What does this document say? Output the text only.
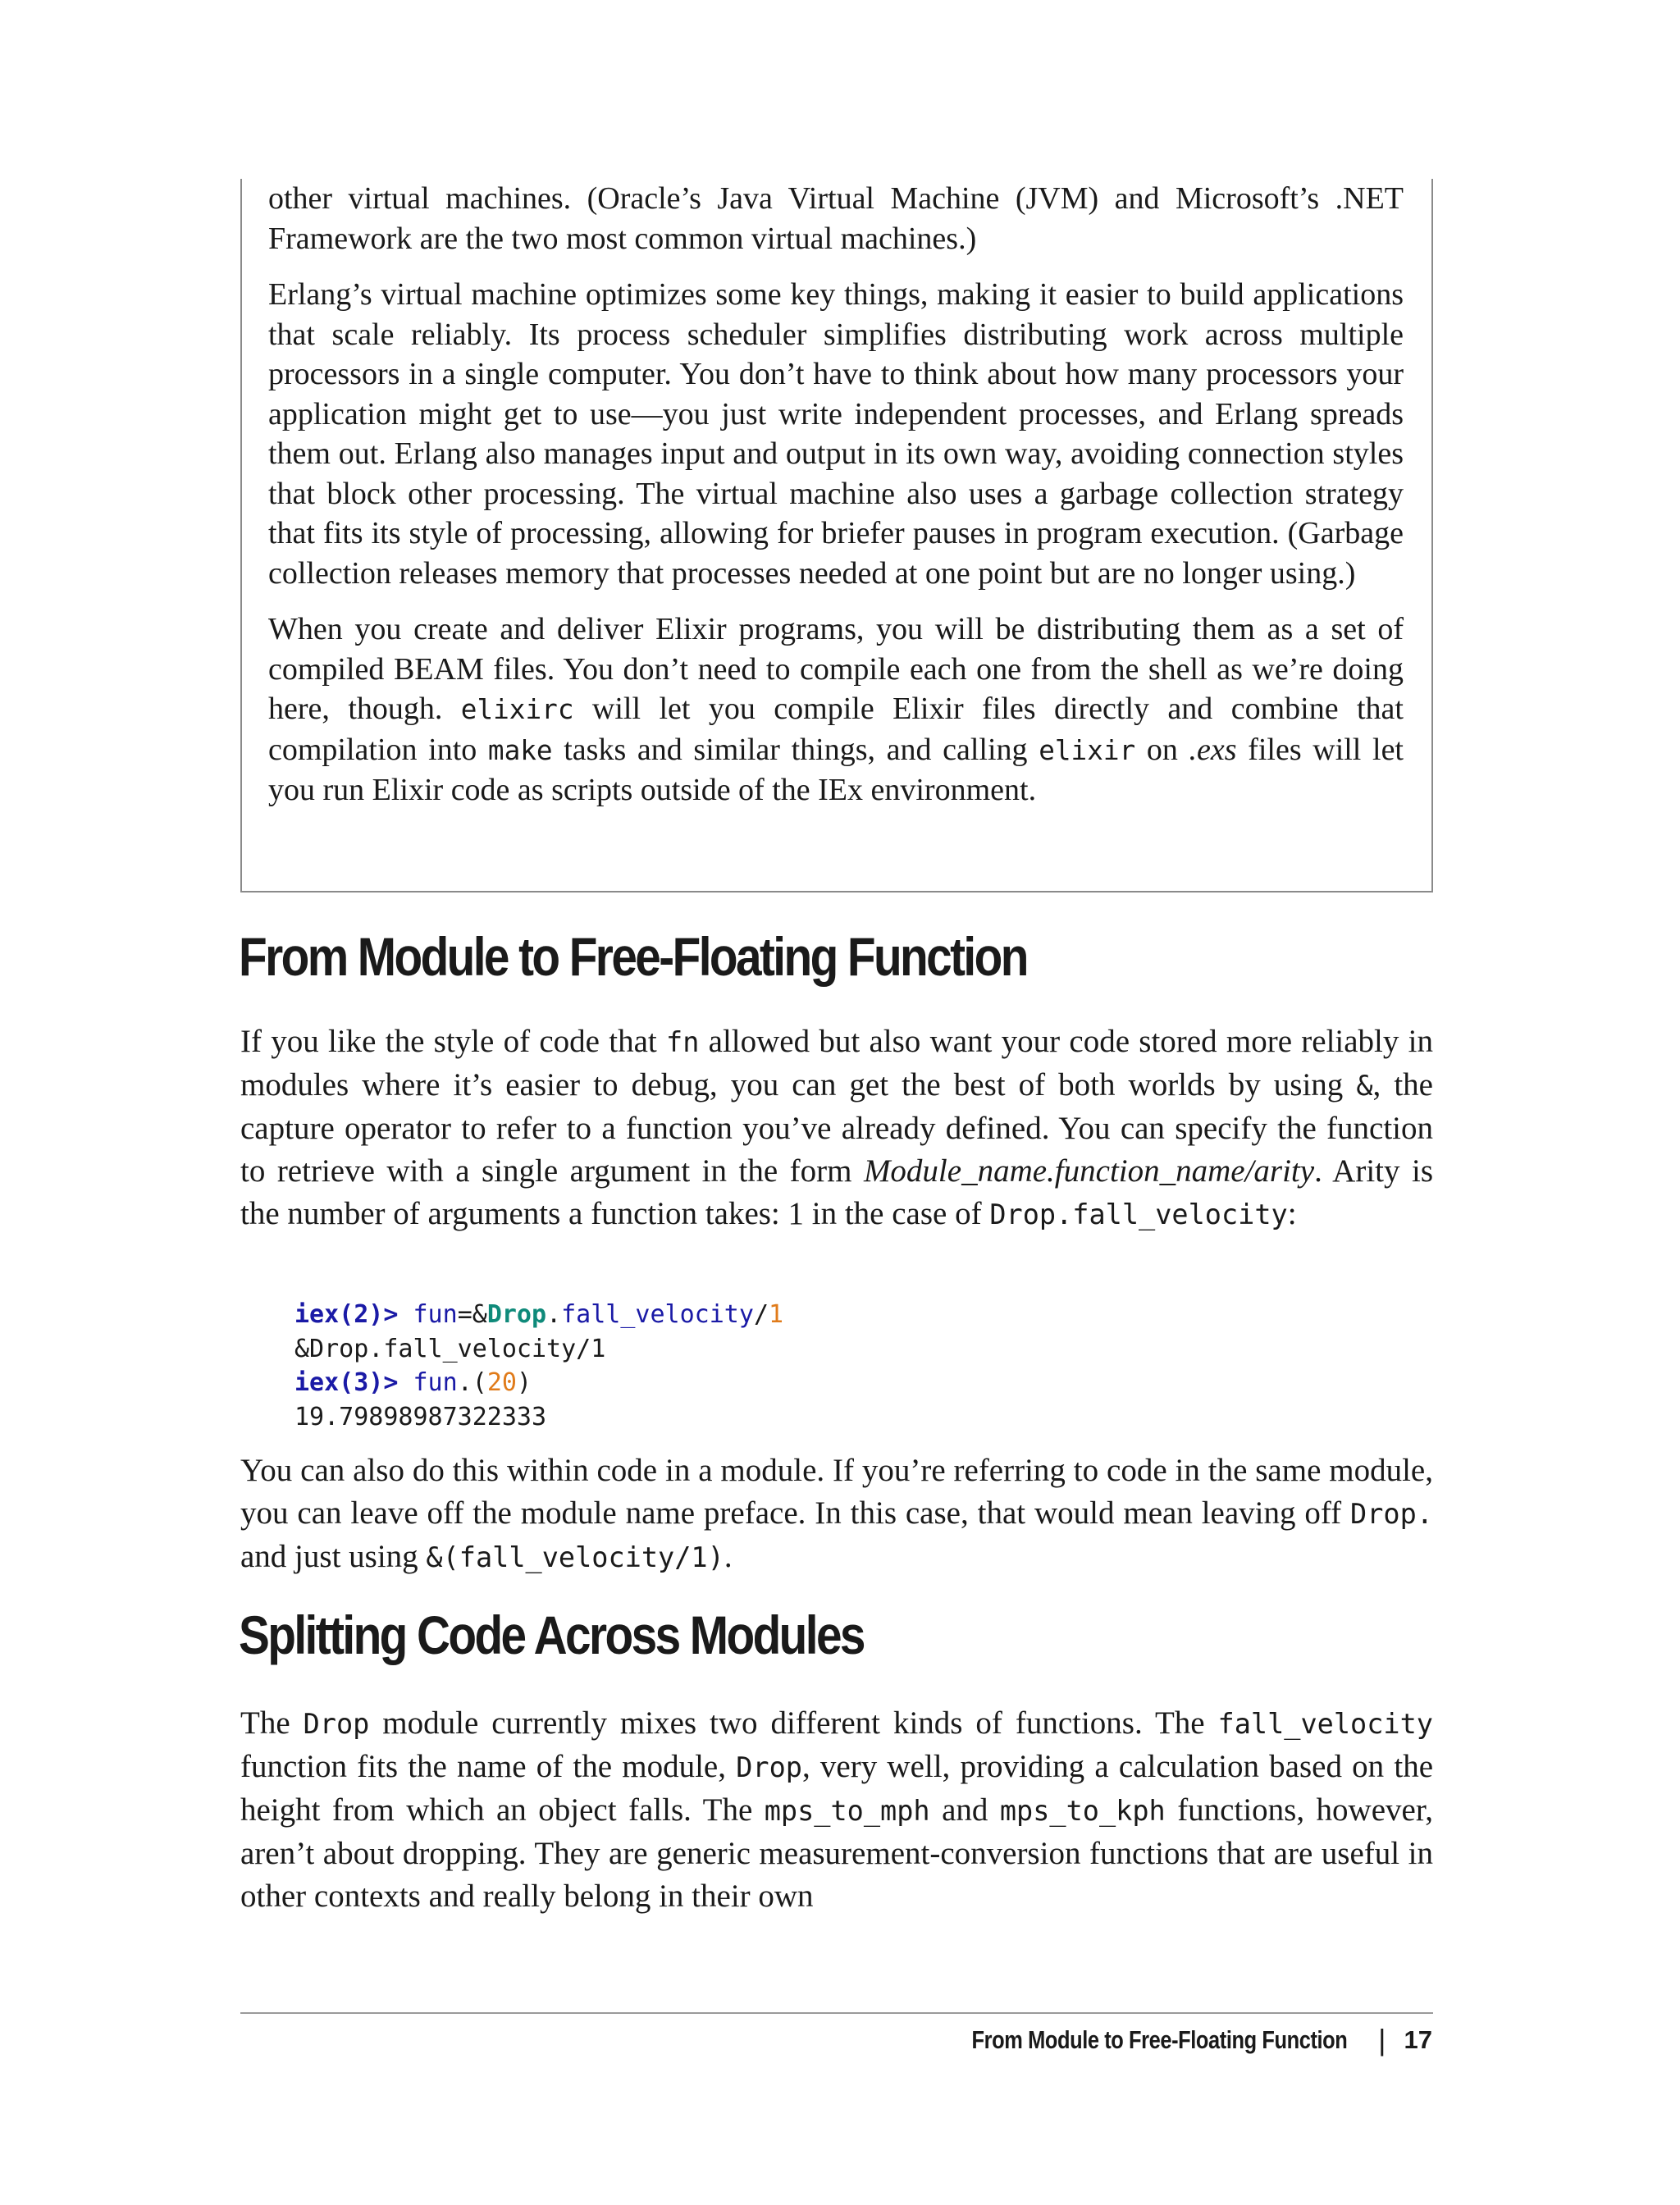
other virtual machines. (Oracle’s Java Virtual Machine (JVM) and Microsoft’s .NET Framework are the two most common virtual machines.)

Erlang’s virtual machine optimizes some key things, making it easier to build applications that scale reliably. Its process scheduler simplifies distributing work across multiple processors in a single computer. You don’t have to think about how many processors your application might get to use—you just write independent processes, and Erlang spreads them out. Erlang also manages input and output in its own way, avoiding connection styles that block other processing. The virtual machine also uses a garbage collection strategy that fits its style of processing, allowing for briefer pauses in program execution. (Garbage collection releases memory that processes needed at one point but are no longer using.)

When you create and deliver Elixir programs, you will be distributing them as a set of compiled BEAM files. You don’t need to compile each one from the shell as we’re doing here, though. elixirc will let you compile Elixir files directly and combine that compilation into make tasks and similar things, and calling elixir on .exs files will let you run Elixir code as scripts outside of the IEx environment.

From Module to Free-Floating Function

If you like the style of code that fn allowed but also want your code stored more reliably in modules where it’s easier to debug, you can get the best of both worlds by using &, the capture operator to refer to a function you’ve already defined. You can specify the function to retrieve with a single argument in the form Module_name.function_name/arity. Arity is the number of arguments a function takes: 1 in the case of Drop.fall_velocity:

iex(2)> fun=&Drop.fall_velocity/1
&Drop.fall_velocity/1
iex(3)> fun.(20)
19.79898987322333

You can also do this within code in a module. If you’re referring to code in the same module, you can leave off the module name preface. In this case, that would mean leaving off Drop. and just using &(fall_velocity/1).

Splitting Code Across Modules

The Drop module currently mixes two different kinds of functions. The fall_velocity function fits the name of the module, Drop, very well, providing a calculation based on the height from which an object falls. The mps_to_mph and mps_to_kph functions, however, aren’t about dropping. They are generic measurement-conversion functions that are useful in other contexts and really belong in their own

From Module to Free-Floating Function | 17
